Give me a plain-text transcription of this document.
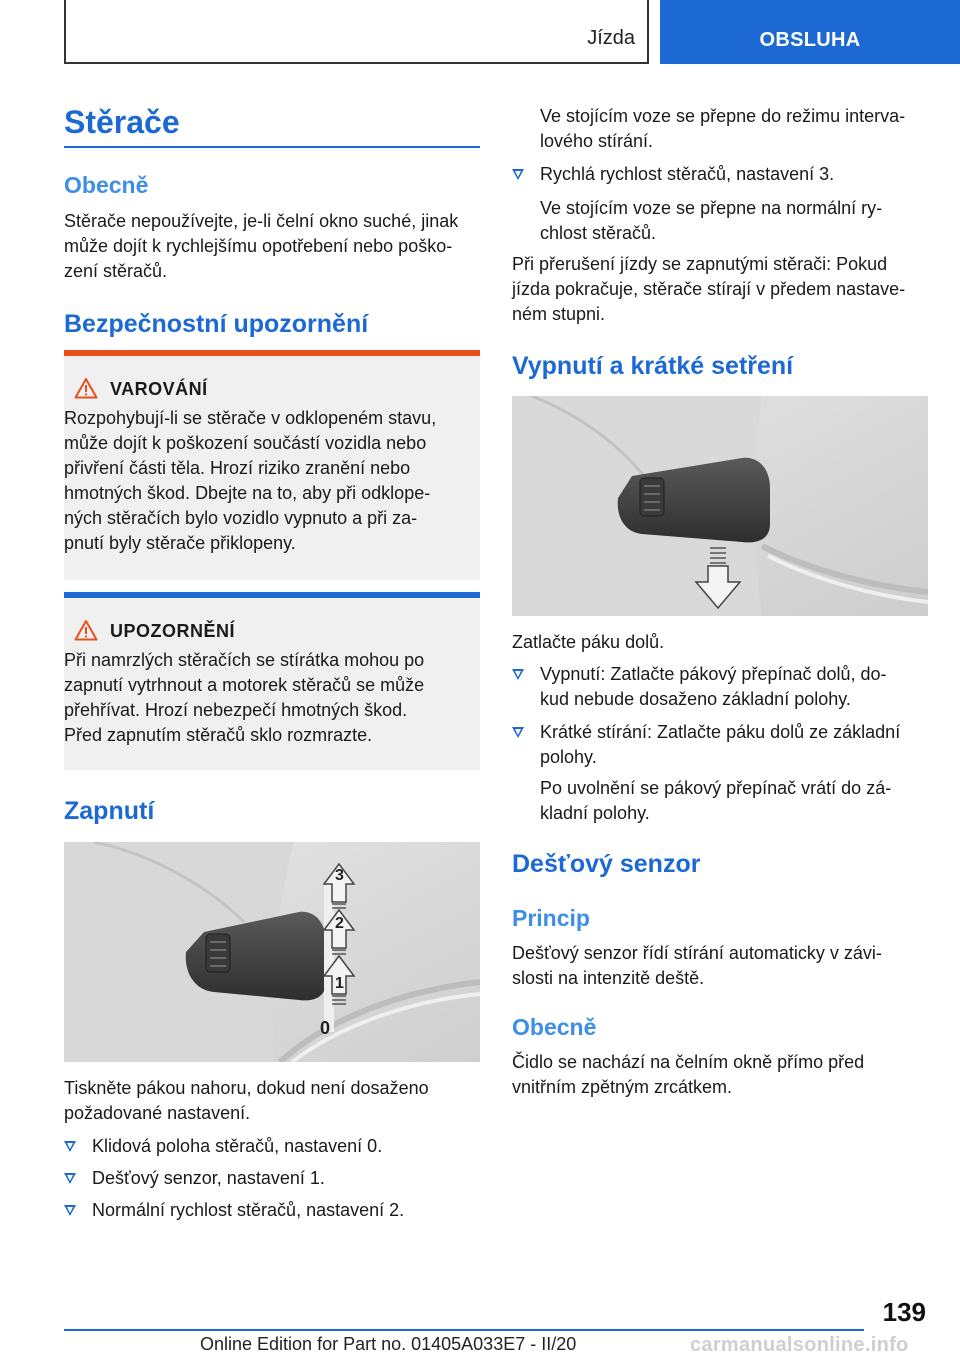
Jízda	OBSLUHA
Stěrače
Obecně
Stěrače nepoužívejte, je-li čelní okno suché, jinak
může dojít k rychlejšímu opotřebení nebo poško-
zení stěračů.
Bezpečnostní upozornění
VAROVÁNÍ
Rozpohybují-li se stěrače v odklopeném stavu,
může dojít k poškození součástí vozidla nebo
přivření části těla. Hrozí riziko zranění nebo
hmotných škod. Dbejte na to, aby při odklope-
ných stěračích bylo vozidlo vypnuto a při za-
pnutí byly stěrače přiklopeny.
UPOZORNĚNÍ
Při namrzlých stěračích se stírátka mohou po
zapnutí vytrhnout a motorek stěračů se může
přehřívat. Hrozí nebezpečí hmotných škod.
Před zapnutím stěračů sklo rozmrazte.
Zapnutí
3
2
1
0
Tiskněte pákou nahoru, dokud není dosaženo
požadované nastavení.
Klidová poloha stěračů, nastavení 0.
Dešťový senzor, nastavení 1.
Normální rychlost stěračů, nastavení 2.
Ve stojícím voze se přepne do režimu interva-
lového stírání.
Rychlá rychlost stěračů, nastavení 3.
Ve stojícím voze se přepne na normální ry-
chlost stěračů.
Při přerušení jízdy se zapnutými stěrači: Pokud
jízda pokračuje, stěrače stírají v předem nastave-
ném stupni.
Vypnutí a krátké setření
Zatlačte páku dolů.
Vypnutí: Zatlačte pákový přepínač dolů, do-
kud nebude dosaženo základní polohy.
Krátké stírání: Zatlačte páku dolů ze základní
polohy.
Po uvolnění se pákový přepínač vrátí do zá-
kladní polohy.
Dešťový senzor
Princip
Dešťový senzor řídí stírání automaticky v závi-
slosti na intenzitě deště.
Obecně
Čidlo se nachází na čelním okně přímo před
vnitřním zpětným zrcátkem.
139
Online Edition for Part no. 01405A033E7 - II/20	carmanualsonline.info
